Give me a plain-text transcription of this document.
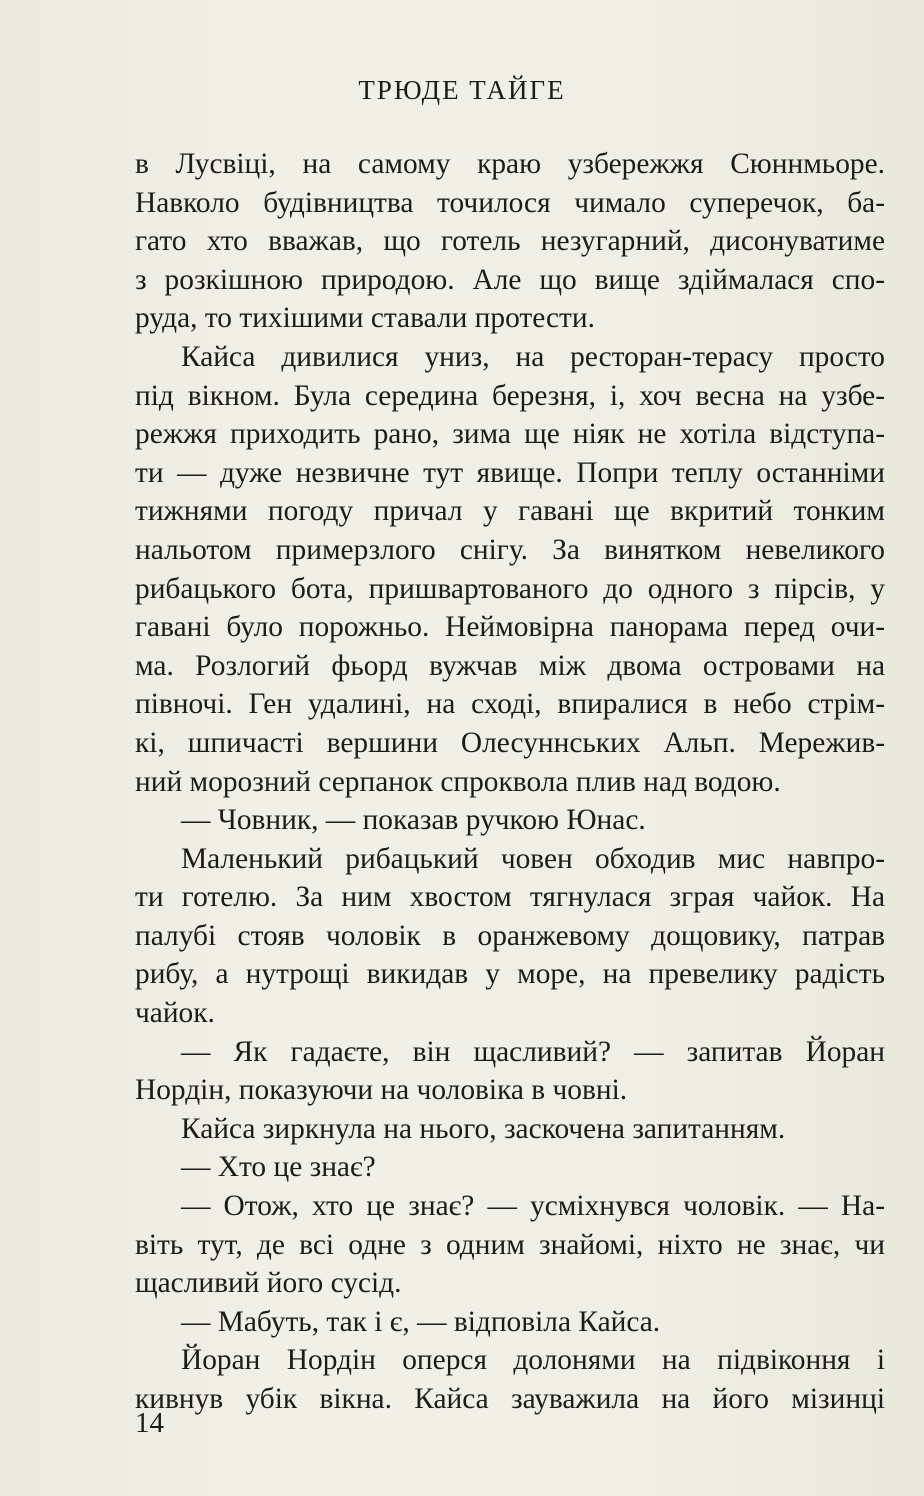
ТРЮДЕ ТАЙГЕ
в Лусвіці, на самому краю узбережжя Сюннмьоре.
Навколо будівництва точилося чимало суперечок, ба-
гато хто вважав, що готель незугарний, дисонуватиме
з розкішною природою. Але що вище здіймалася спо-
руда, то тихішими ставали протести.
Кайса дивилися униз, на ресторан-терасу просто
під вікном. Була середина березня, і, хоч весна на узбе-
режжя приходить рано, зима ще ніяк не хотіла відступа-
ти — дуже незвичне тут явище. Попри теплу останніми
тижнями погоду причал у гавані ще вкритий тонким
нальотом примерзлого снігу. За винятком невеликого
рибацького бота, пришвартованого до одного з пірсів, у
гавані було порожньо. Неймовірна панорама перед очи-
ма. Розлогий фьорд вужчав між двома островами на
півночі. Ген удалині, на сході, впиралися в небо стрім-
кі, шпичасті вершини Олесуннських Альп. Мережив-
ний морозний серпанок спроквола плив над водою.
— Човник, — показав ручкою Юнас.
Маленький рибацький човен обходив мис навпро-
ти готелю. За ним хвостом тягнулася зграя чайок. На
палубі стояв чоловік в оранжевому дощовику, патрав
рибу, а нутрощі викидав у море, на превелику радість
чайок.
— Як гадаєте, він щасливий? — запитав Йоран
Нордін, показуючи на чоловіка в човні.
Кайса зиркнула на нього, заскочена запитанням.
— Хто це знає?
— Отож, хто це знає? — усміхнувся чоловік. — На-
віть тут, де всі одне з одним знайомі, ніхто не знає, чи
щасливий його сусід.
— Мабуть, так і є, — відповіла Кайса.
Йоран Нордін оперся долонями на підвіконня і
кивнув убік вікна. Кайса зауважила на його мізинці
14
